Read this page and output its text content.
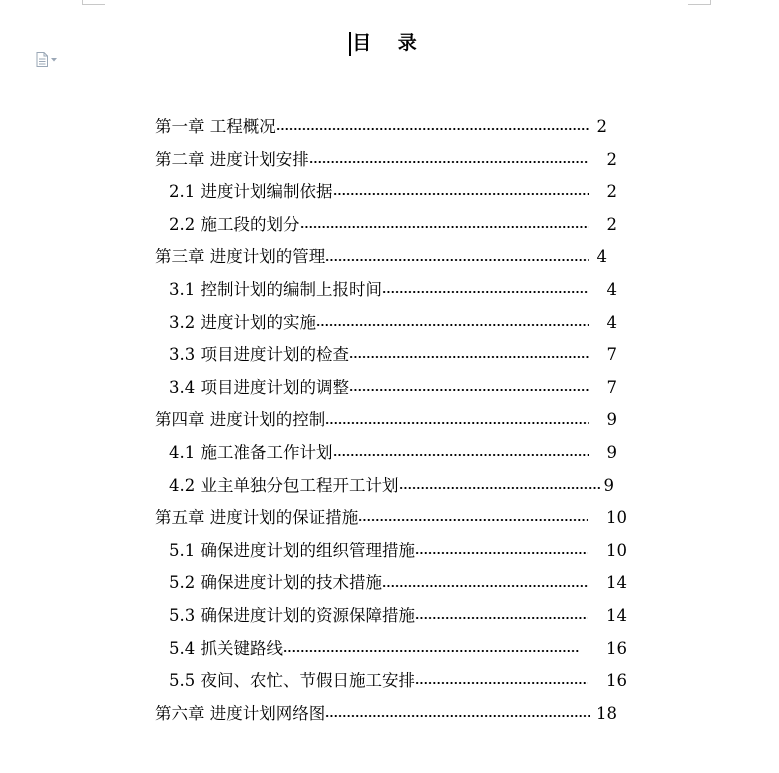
目 录
第一章 工程概况	2
第二章 进度计划安排	2
2.1 进度计划编制依据	2
2.2 施工段的划分	2
第三章 进度计划的管理	4
3.1 控制计划的编制上报时间	4
3.2 进度计划的实施	4
3.3 项目进度计划的检查	7
3.4 项目进度计划的调整	7
第四章 进度计划的控制	9
4.1 施工准备工作计划	9
4.2 业主单独分包工程开工计划	9
第五章 进度计划的保证措施	10
5.1 确保进度计划的组织管理措施	10
5.2 确保进度计划的技术措施	14
5.3 确保进度计划的资源保障措施	14
5.4 抓关键路线	16
5.5 夜间、农忙、节假日施工安排	16
第六章 进度计划网络图	18
